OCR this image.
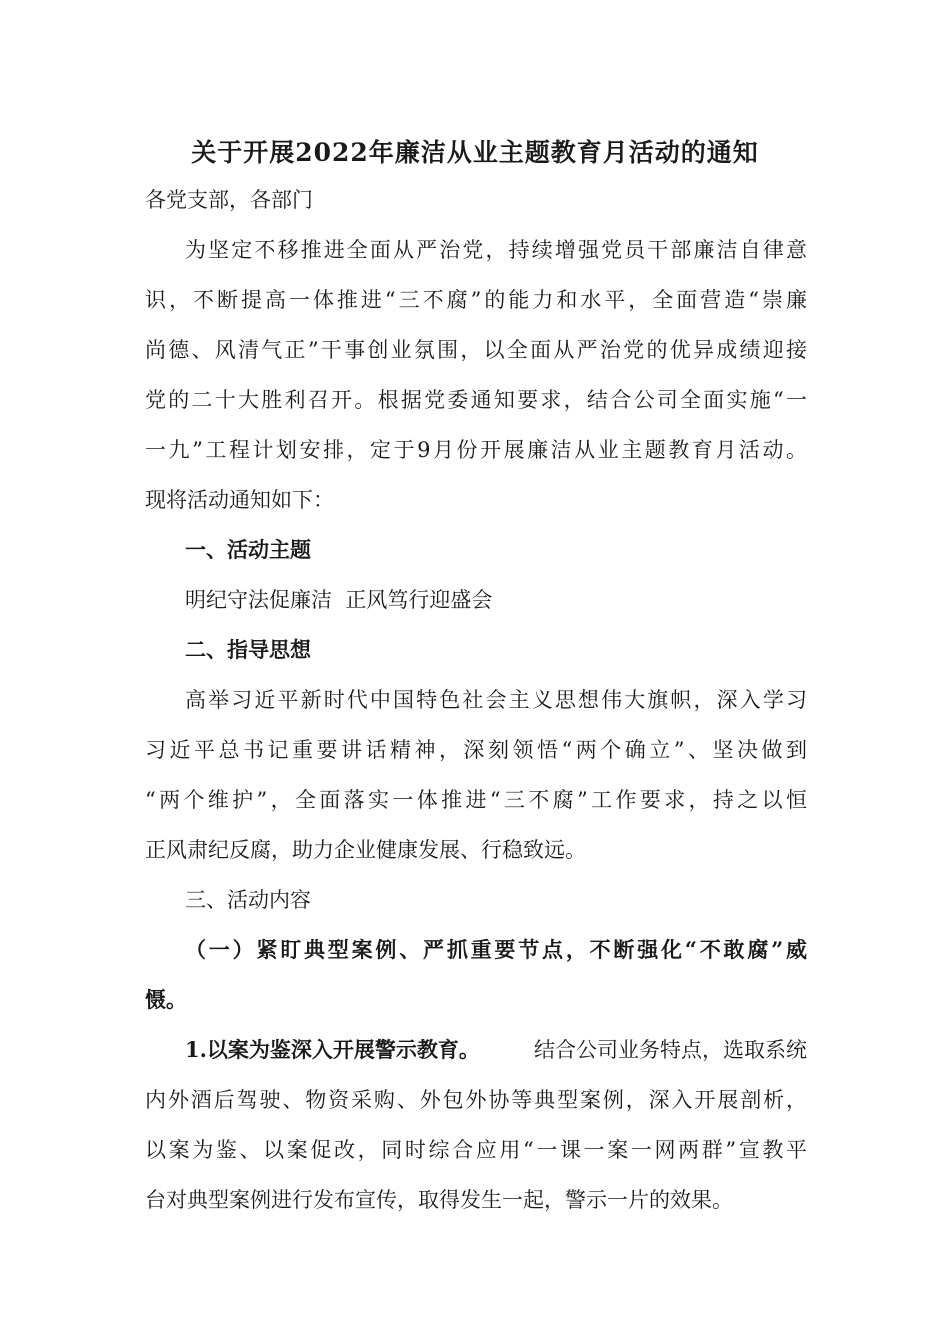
关于开展2022年廉洁从业主题教育月活动的通知
各党支部，各部门
为坚定不移推进全面从严治党，持续增强党员干部廉洁自律意
识，不断提高一体推进“三不腐”的能力和水平，全面营造“崇廉
尚德、风清气正”干事创业氛围，以全面从严治党的优异成绩迎接
党的二十大胜利召开。根据党委通知要求，结合公司全面实施“一
一九”工程计划安排，定于9月份开展廉洁从业主题教育月活动。
现将活动通知如下：
一、活动主题
明纪守法促廉洁  正风笃行迎盛会
二、指导思想
高举习近平新时代中国特色社会主义思想伟大旗帜，深入学习
习近平总书记重要讲话精神，深刻领悟“两个确立”、坚决做到
“两个维护”，全面落实一体推进“三不腐”工作要求，持之以恒
正风肃纪反腐，助力企业健康发展、行稳致远。
三、活动内容
（一）紧盯典型案例、严抓重要节点，不断强化“不敢腐”威
慑。
1.以案为鉴深入开展警示教育。	结合公司业务特点，选取系统
内外酒后驾驶、物资采购、外包外协等典型案例，深入开展剖析，
以案为鉴、以案促改，同时综合应用“一课一案一网两群”宣教平
台对典型案例进行发布宣传，取得发生一起，警示一片的效果。
